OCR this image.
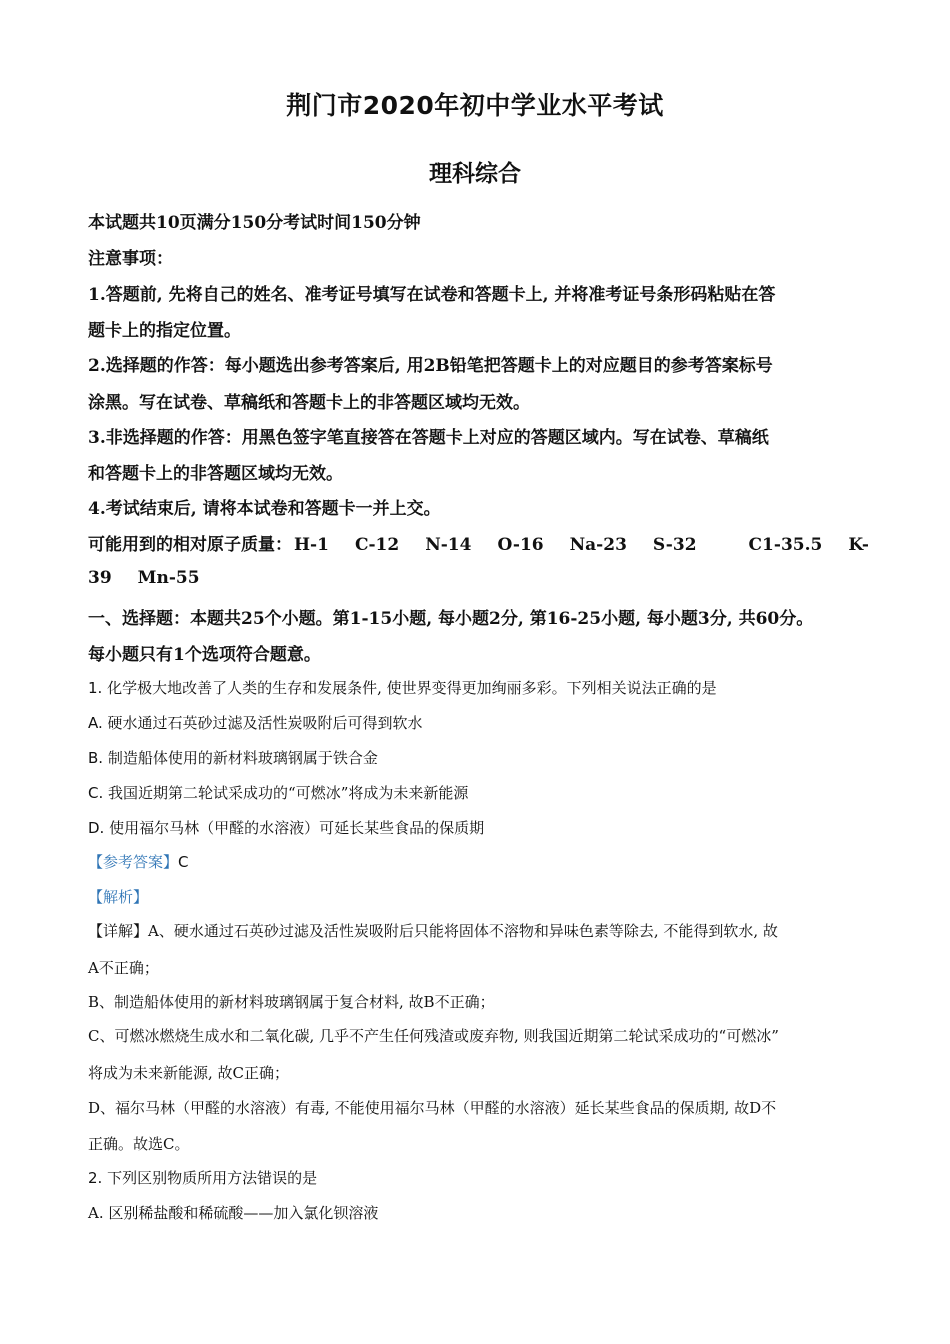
荆门市2020年初中学业水平考试
理科综合
本试题共10页满分150分考试时间150分钟
注意事项：
1.答题前, 先将自己的姓名、准考证号填写在试卷和答题卡上, 并将准考证号条形码粘贴在答
题卡上的指定位置。
2.选择题的作答：每小题选出参考答案后, 用2B铅笔把答题卡上的对应题目的参考答案标号
涂黑。写在试卷、草稿纸和答题卡上的非答题区域均无效。
3.非选择题的作答：用黑色签字笔直接答在答题卡上对应的答题区域内。写在试卷、草稿纸
和答题卡上的非答题区域均无效。
4.考试结束后, 请将本试卷和答题卡一并上交。
可能用到的相对原子质量： H-1 C-12 N-14 O-16 Na-23 S-32	C1-35.5 K-
39 Mn-55
一、选择题：本题共25个小题。第1-15小题, 每小题2分, 第16-25小题, 每小题3分, 共60分。
每小题只有1个选项符合题意。
1. 化学极大地改善了人类的生存和发展条件, 使世界变得更加绚丽多彩。下列相关说法正确的是
A. 硬水通过石英砂过滤及活性炭吸附后可得到软水
B. 制造船体使用的新材料玻璃钢属于铁合金
C. 我国近期第二轮试采成功的“可燃冰”将成为未来新能源
D. 使用福尔马林（甲醛的水溶液）可延长某些食品的保质期
【参考答案】C
【解析】
【详解】A、硬水通过石英砂过滤及活性炭吸附后只能将固体不溶物和异味色素等除去, 不能得到软水, 故
A不正确；
B、制造船体使用的新材料玻璃钢属于复合材料, 故B不正确；
C、可燃冰燃烧生成水和二氧化碳, 几乎不产生任何残渣或废弃物, 则我国近期第二轮试采成功的“可燃冰”
将成为未来新能源, 故C正确；
D、福尔马林（甲醛的水溶液）有毒, 不能使用福尔马林（甲醛的水溶液）延长某些食品的保质期, 故D不
正确。故选C。
2. 下列区别物质所用方法错误的是
A. 区别稀盐酸和稀硫酸——加入氯化钡溶液
